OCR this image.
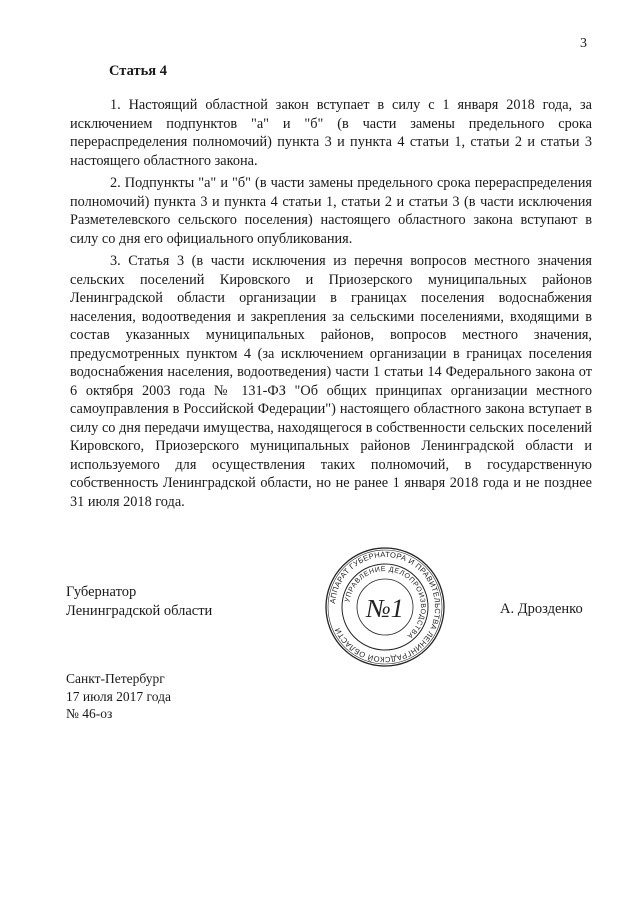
3
Статья 4

1. Настоящий областной закон вступает в силу с 1 января 2018 года, за исключением подпунктов "а" и "б" (в части замены предельного срока перераспределения полномочий) пункта 3 и пункта 4 статьи 1, статьи 2 и статьи 3 настоящего областного закона.

2. Подпункты "а" и "б" (в части замены предельного срока перераспределения полномочий) пункта 3 и пункта 4 статьи 1, статьи 2 и статьи 3 (в части исключения Разметелевского сельского поселения) настоящего областного закона вступают в силу со дня его официального опубликования.

3. Статья 3 (в части исключения из перечня вопросов местного значения сельских поселений Кировского и Приозерского муниципальных районов Ленинградской области организации в границах поселения водоснабжения населения, водоотведения и закрепления за сельскими поселениями, входящими в состав указанных муниципальных районов, вопросов местного значения, предусмотренных пунктом 4 (за исключением организации в границах поселения водоснабжения населения, водоотведения) части 1 статьи 14 Федерального закона от 6 октября 2003 года № 131-ФЗ "Об общих принципах организации местного самоуправления в Российской Федерации") настоящего областного закона вступает в силу со дня передачи имущества, находящегося в собственности сельских поселений Кировского, Приозерского муниципальных районов Ленинградской области и используемого для осуществления таких полномочий, в государственную собственность Ленинградской области, но не ранее 1 января 2018 года и не позднее 31 июля 2018 года.

Губернатор
Ленинградской области
АППАРАТ ГУБЕРНАТОРА И ПРАВИТЕЛЬСТВА ЛЕНИНГРАДСКОЙ ОБЛАСТИ
УПРАВЛЕНИЕ ДЕЛОПРОИЗВОДСТВА
№1	А. Дрозденко
Санкт-Петербург
17 июля 2017 года
№ 46-оз
